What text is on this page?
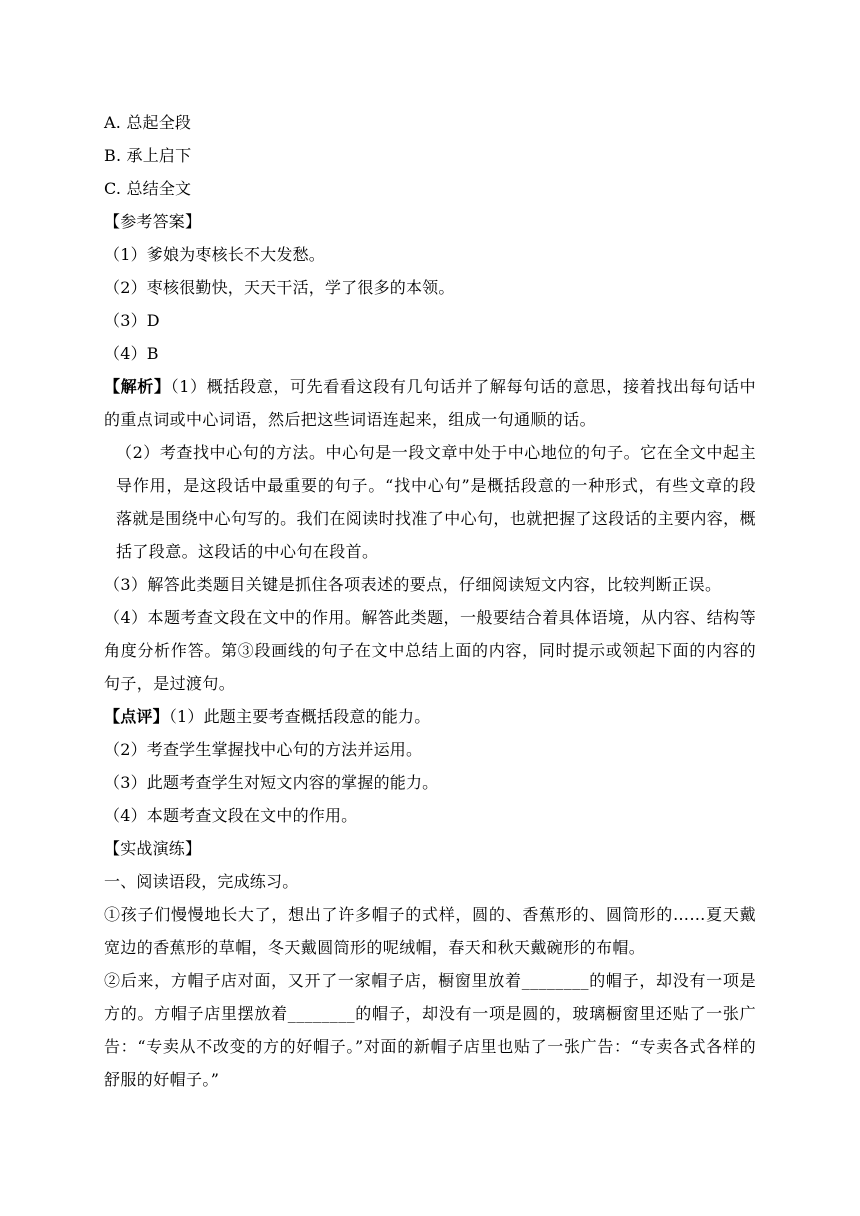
A. 总起全段
B. 承上启下
C. 总结全文
【参考答案】
（1）爹娘为枣核长不大发愁。
（2）枣核很勤快，天天干活，学了很多的本领。
（3）D
（4）B
【解析】（1）概括段意，可先看看这段有几句话并了解每句话的意思，接着找出每句话中的重点词或中心词语，然后把这些词语连起来，组成一句通顺的话。
（2）考查找中心句的方法。中心句是一段文章中处于中心地位的句子。它在全文中起主导作用，是这段话中最重要的句子。“找中心句”是概括段意的一种形式，有些文章的段落就是围绕中心句写的。我们在阅读时找准了中心句，也就把握了这段话的主要内容，概括了段意。这段话的中心句在段首。
（3）解答此类题目关键是抓住各项表述的要点，仔细阅读短文内容，比较判断正误。
（4）本题考查文段在文中的作用。解答此类题，一般要结合着具体语境，从内容、结构等角度分析作答。第③段画线的句子在文中总结上面的内容，同时提示或领起下面的内容的句子，是过渡句。
【点评】（1）此题主要考查概括段意的能力。
（2）考查学生掌握找中心句的方法并运用。
（3）此题考查学生对短文内容的掌握的能力。
（4）本题考查文段在文中的作用。
【实战演练】
一、阅读语段，完成练习。
①孩子们慢慢地长大了，想出了许多帽子的式样，圆的、香蕉形的、圆筒形的……夏天戴宽边的香蕉形的草帽，冬天戴圆筒形的呢绒帽，春天和秋天戴碗形的布帽。
②后来，方帽子店对面，又开了一家帽子店，橱窗里放着________的帽子，却没有一项是方的。方帽子店里摆放着________的帽子，却没有一项是圆的，玻璃橱窗里还贴了一张广告：“专卖从不改变的方的好帽子。”对面的新帽子店里也贴了一张广告：“专卖各式各样的舒服的好帽子。”
